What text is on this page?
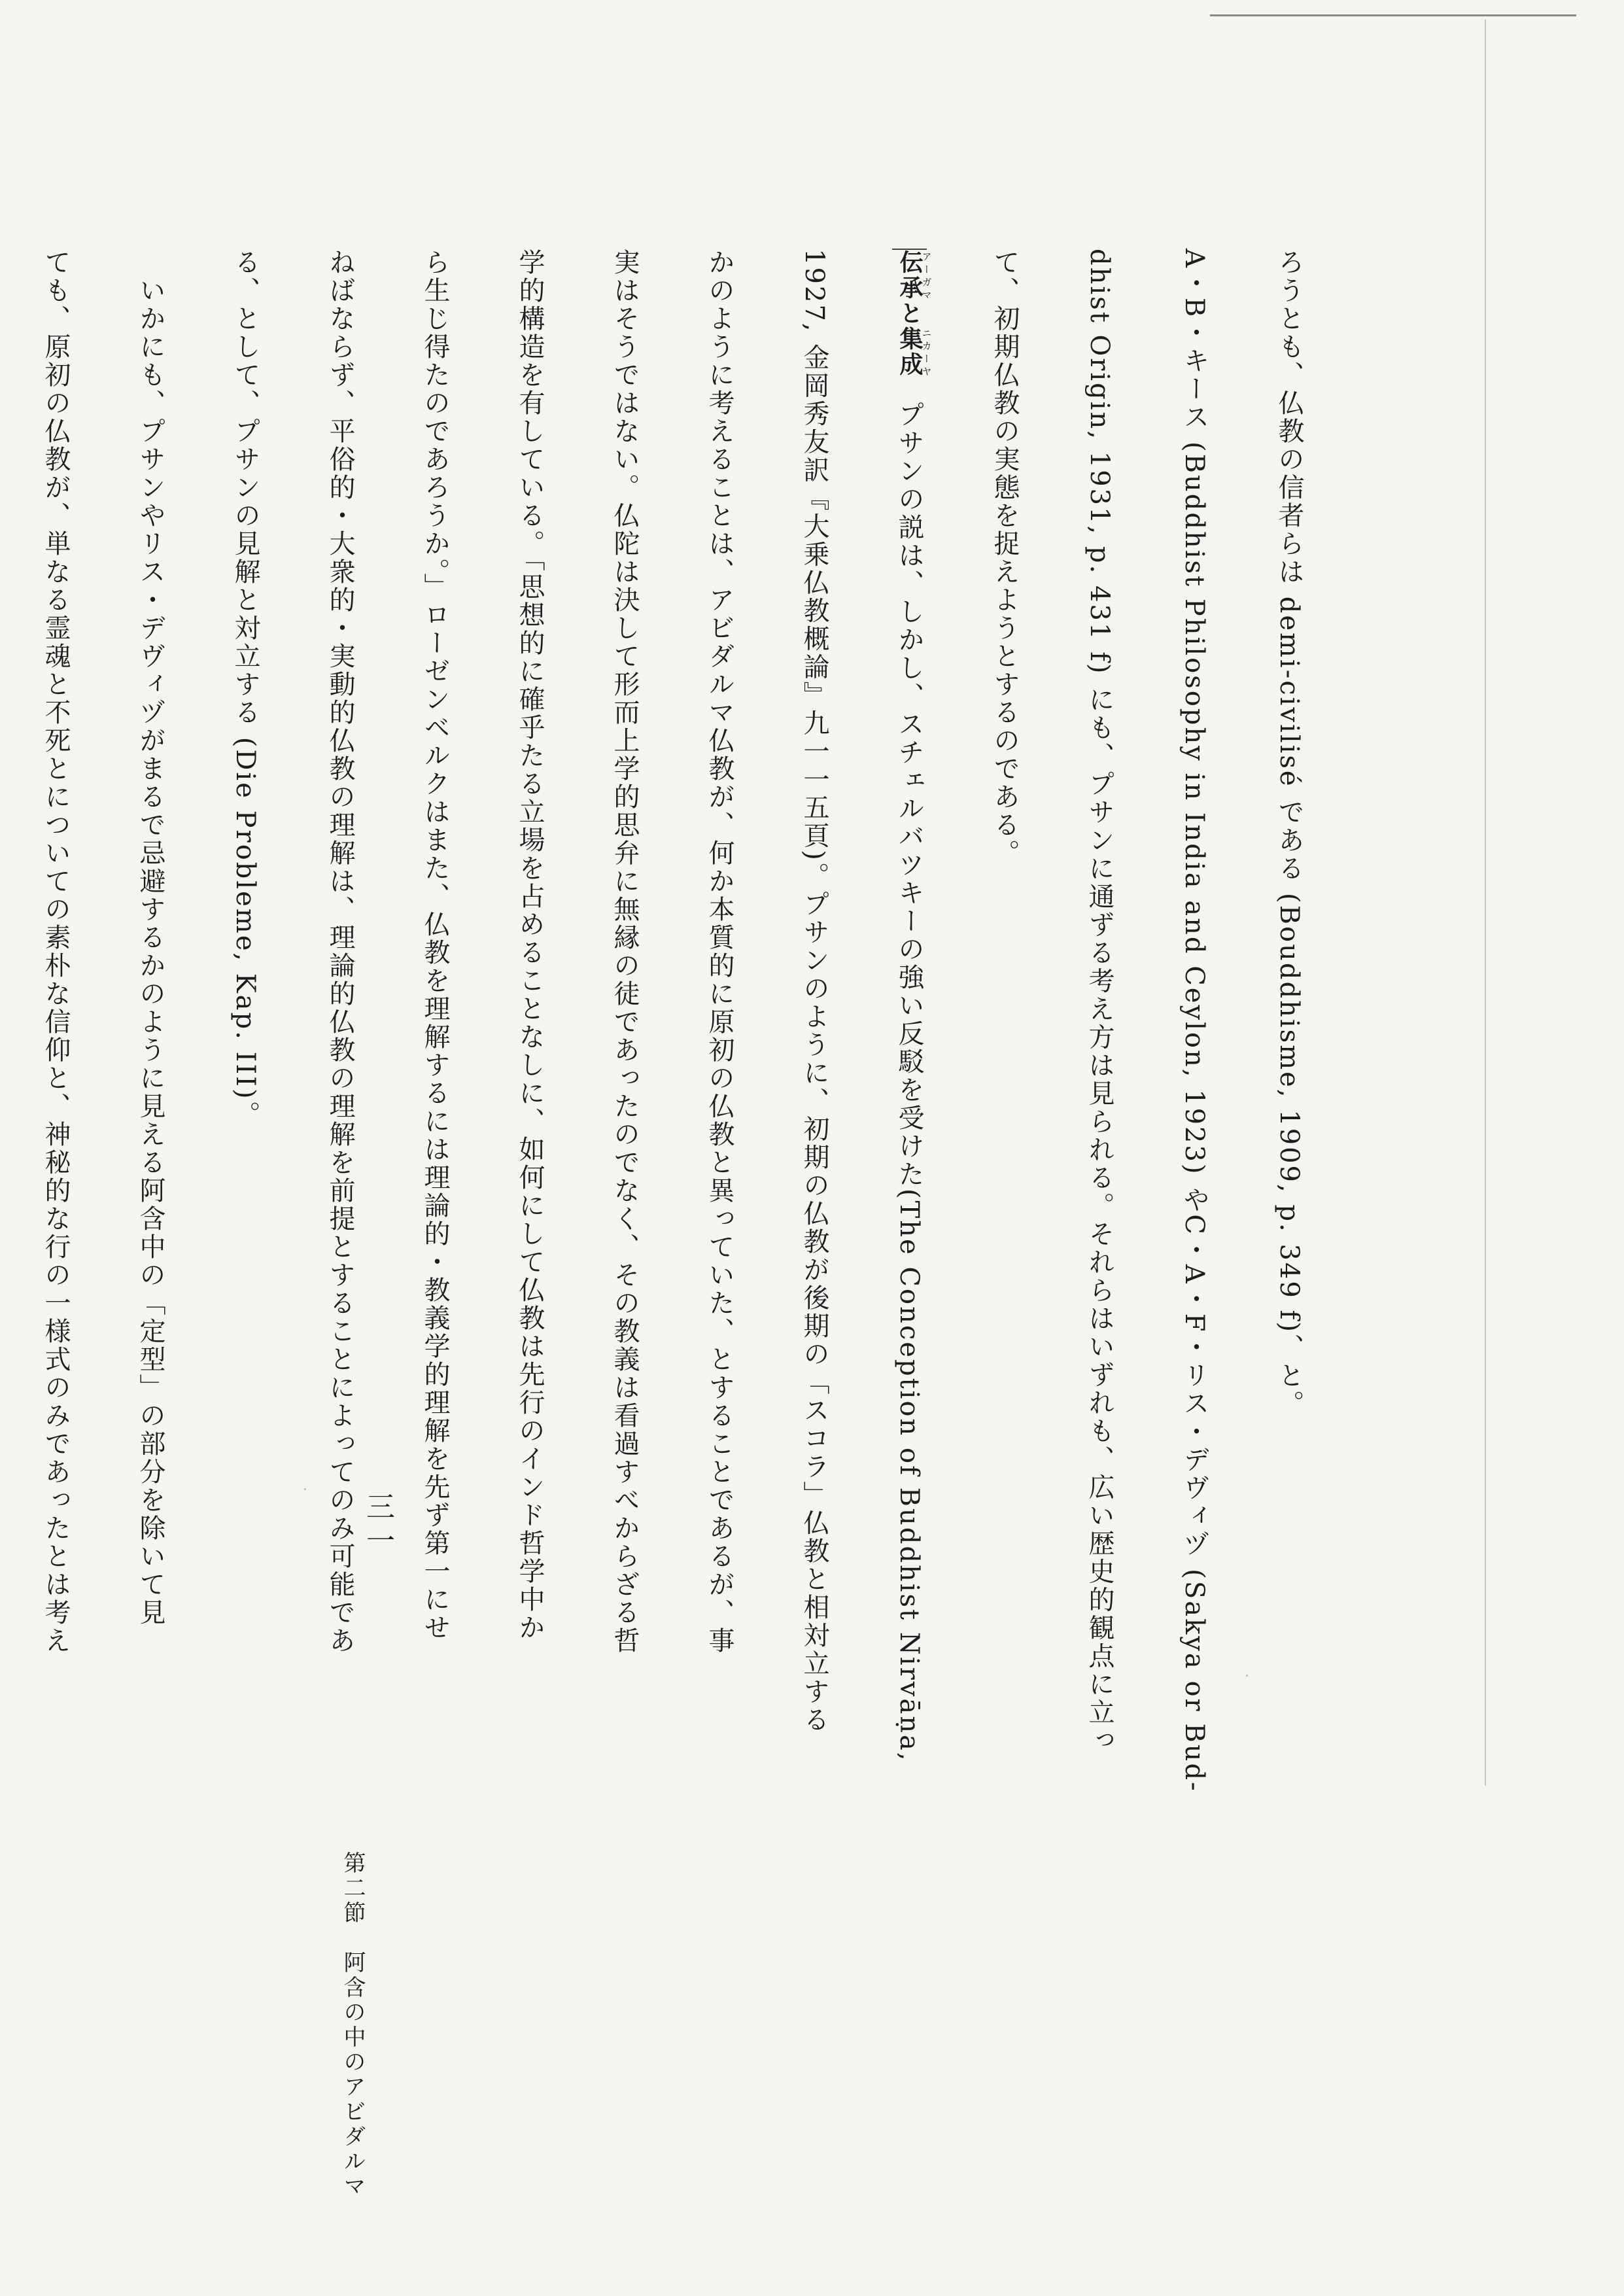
ろうとも、仏教の信者らは demi-civilisé である (Bouddhisme, 1909, p. 349 f)、と。
A・B・キース (Buddhist Philosophy in India and Ceylon, 1923) やC・A・F・リス・デヴィヅ (Sakya or Bud-
dhist Origin, 1931, p. 431 f) にも、プサンに通ずる考え方は見られる。それらはいずれも、広い歴史的観点に立っ
て、初期仏教の実態を捉えようとするのである。
伝承アーガマと集成ニカーヤプサンの説は、しかし、スチェルバツキーの強い反駁を受けた(The Conception of Buddhist Nirvāṇa,
1927, 金岡秀友訳『大乗仏教概論』九一一五頁)。プサンのように、初期の仏教が後期の「スコラ」仏教と相対立する
かのように考えることは、アビダルマ仏教が、何か本質的に原初の仏教と異っていた、とすることであるが、事
実はそうではない。仏陀は決して形而上学的思弁に無縁の徒であったのでなく、その教義は看過すべからざる哲
学的構造を有している。「思想的に確乎たる立場を占めることなしに、如何にして仏教は先行のインド哲学中か
ら生じ得たのであろうか。」ローゼンベルクはまた、仏教を理解するには理論的・教義学的理解を先ず第一にせ
ねばならず、平俗的・大衆的・実動的仏教の理解は、理論的仏教の理解を前提とすることによってのみ可能であ
る、として、プサンの見解と対立する (Die Probleme, Kap. III)。
　いかにも、プサンやリス・デヴィヅがまるで忌避するかのように見える阿含中の「定型」の部分を除いて見
ても、原初の仏教が、単なる霊魂と不死とについての素朴な信仰と、神秘的な行の一様式のみであったとは考え	三一
第二節　阿含の中のアビダルマ
